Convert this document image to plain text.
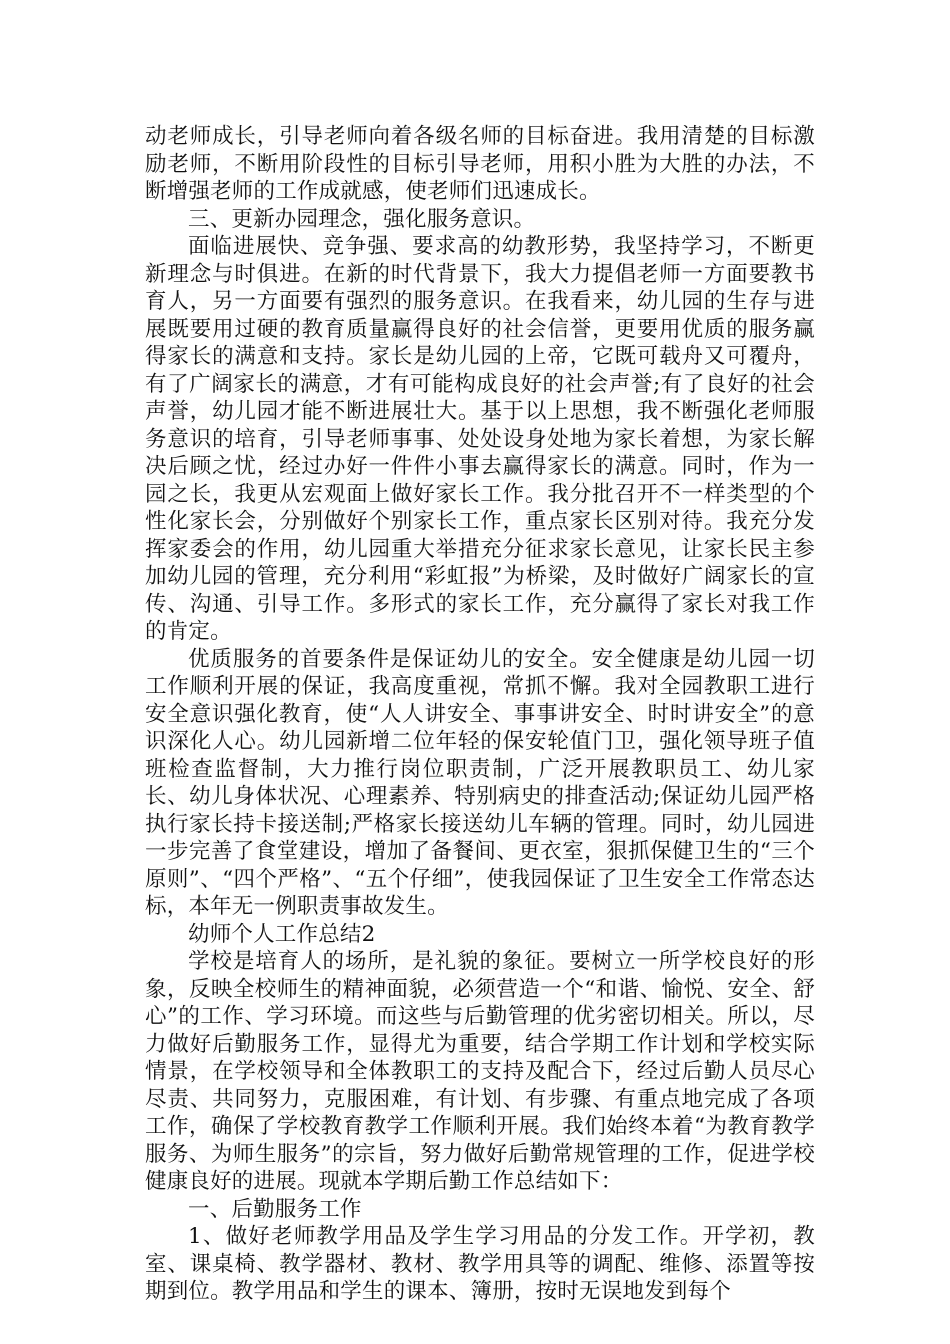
动老师成长，引导老师向着各级名师的目标奋进。我用清楚的目标激励老师，不断用阶段性的目标引导老师，用积小胜为大胜的办法，不断增强老师的工作成就感，使老师们迅速成长。

三、更新办园理念，强化服务意识。

面临进展快、竞争强、要求高的幼教形势，我坚持学习，不断更新理念与时俱进。在新的时代背景下，我大力提倡老师一方面要教书育人，另一方面要有强烈的服务意识。在我看来，幼儿园的生存与进展既要用过硬的教育质量赢得良好的社会信誉，更要用优质的服务赢得家长的满意和支持。家长是幼儿园的上帝，它既可载舟又可覆舟，有了广阔家长的满意，才有可能构成良好的社会声誉;有了良好的社会声誉，幼儿园才能不断进展壮大。基于以上思想，我不断强化老师服务意识的培育，引导老师事事、处处设身处地为家长着想，为家长解决后顾之忧，经过办好一件件小事去赢得家长的满意。同时，作为一园之长，我更从宏观面上做好家长工作。我分批召开不一样类型的个性化家长会，分别做好个别家长工作，重点家长区别对待。我充分发挥家委会的作用，幼儿园重大举措充分征求家长意见，让家长民主参加幼儿园的管理，充分利用“彩虹报”为桥梁，及时做好广阔家长的宣传、沟通、引导工作。多形式的家长工作，充分赢得了家长对我工作的肯定。

优质服务的首要条件是保证幼儿的安全。安全健康是幼儿园一切工作顺利开展的保证，我高度重视，常抓不懈。我对全园教职工进行安全意识强化教育，使“人人讲安全、事事讲安全、时时讲安全”的意识深化人心。幼儿园新增二位年轻的保安轮值门卫，强化领导班子值班检查监督制，大力推行岗位职责制，广泛开展教职员工、幼儿家长、幼儿身体状况、心理素养、特别病史的排查活动;保证幼儿园严格执行家长持卡接送制;严格家长接送幼儿车辆的管理。同时，幼儿园进一步完善了食堂建设，增加了备餐间、更衣室，狠抓保健卫生的“三个原则”、“四个严格”、“五个仔细”，使我园保证了卫生安全工作常态达标，本年无一例职责事故发生。

幼师个人工作总结2

学校是培育人的场所，是礼貌的象征。要树立一所学校良好的形象，反映全校师生的精神面貌，必须营造一个“和谐、愉悦、安全、舒心”的工作、学习环境。而这些与后勤管理的优劣密切相关。所以，尽力做好后勤服务工作，显得尤为重要，结合学期工作计划和学校实际情景，在学校领导和全体教职工的支持及配合下，经过后勤人员尽心尽责、共同努力，克服困难，有计划、有步骤、有重点地完成了各项工作，确保了学校教育教学工作顺利开展。我们始终本着“为教育教学服务、为师生服务”的宗旨，努力做好后勤常规管理的工作，促进学校健康良好的进展。现就本学期后勤工作总结如下：

一、后勤服务工作

1、做好老师教学用品及学生学习用品的分发工作。开学初，教室、课桌椅、教学器材、教材、教学用具等的调配、维修、添置等按期到位。教学用品和学生的课本、簿册，按时无误地发到每个
